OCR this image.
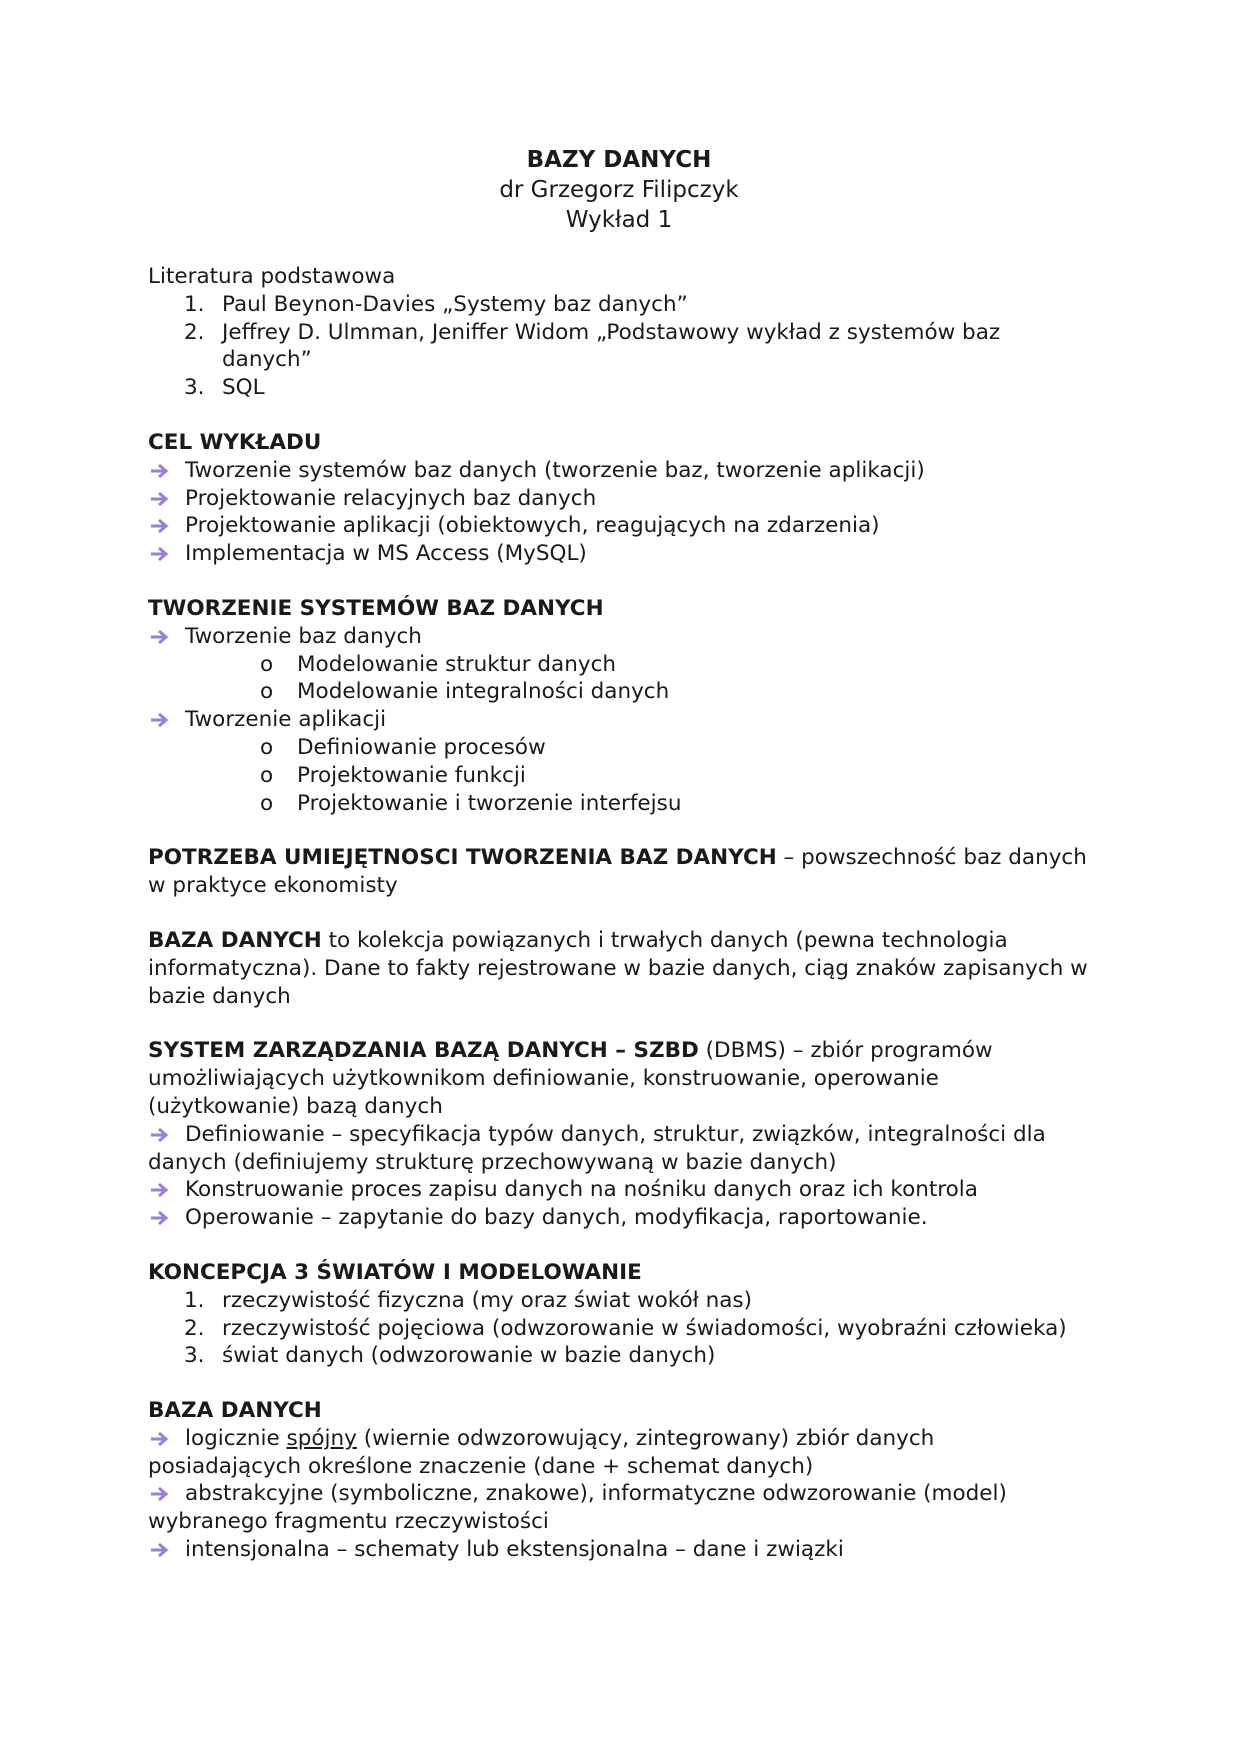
BAZY DANYCH
dr Grzegorz Filipczyk
Wykład 1
Literatura podstawowa
1. Paul Beynon-Davies „Systemy baz danych”
2. Jeffrey D. Ulmman, Jeniffer Widom „Podstawowy wykład z systemów baz danych”
3. SQL
CEL WYKŁADU
Tworzenie systemów baz danych (tworzenie baz, tworzenie aplikacji)
Projektowanie relacyjnych baz danych
Projektowanie aplikacji (obiektowych, reagujących na zdarzenia)
Implementacja w MS Access (MySQL)
TWORZENIE SYSTEMÓW BAZ DANYCH
Tworzenie baz danych
o Modelowanie struktur danych
o Modelowanie integralności danych
Tworzenie aplikacji
o Definiowanie procesów
o Projektowanie funkcji
o Projektowanie i tworzenie interfejsu
POTRZEBA UMIEJĘTNOSCI TWORZENIA BAZ DANYCH – powszechność baz danych w praktyce ekonomisty
BAZA DANYCH to kolekcja powiązanych i trwałych danych (pewna technologia informatyczna). Dane to fakty rejestrowane w bazie danych, ciąg znaków zapisanych w bazie danych
SYSTEM ZARZĄDZANIA BAZĄ DANYCH – SZBD (DBMS) – zbiór programów umożliwiających użytkownikom definiowanie, konstruowanie, operowanie (użytkowanie) bazą danych
Definiowanie – specyfikacja typów danych, struktur, związków, integralności dla danych (definiujemy strukturę przechowywaną w bazie danych)
Konstruowanie proces zapisu danych na nośniku danych oraz ich kontrola
Operowanie – zapytanie do bazy danych, modyfikacja, raportowanie.
KONCEPCJA 3 ŚWIATÓW I MODELOWANIE
1. rzeczywistość fizyczna (my oraz świat wokół nas)
2. rzeczywistość pojęciowa (odwzorowanie w świadomości, wyobraźni człowieka)
3. świat danych (odwzorowanie w bazie danych)
BAZA DANYCH
logicznie spójny (wiernie odwzorowujący, zintegrowany) zbiór danych posiadających określone znaczenie (dane + schemat danych)
abstrakcyjne (symboliczne, znakowe), informatyczne odwzorowanie (model) wybranego fragmentu rzeczywistości
intensjonalna – schematy lub ekstensjonalna – dane i związki
